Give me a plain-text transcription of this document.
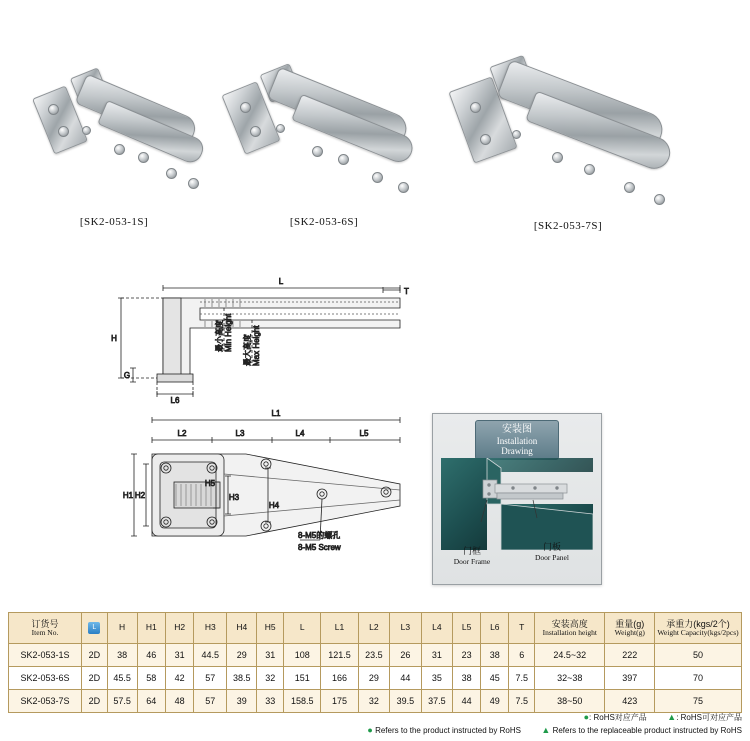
[SK2-053-1S]	[SK2-053-6S]	[SK2-053-7S]
L
H
G
L6
T
最小高度 Min Height 最大高度 Max Height
L1
L2	L3	L4	L5
H1 H2	H3
H4
H5
8-M5的螺孔
8-M5 Screw
安装图
Installation Drawing
门框
Door Frame
门板
Door Panel
订货号
Item No.	L	H	H1	H2	H3	H4	H5	L	L1	L2	L3	L4	L5	L6	T	安装高度
Installation height	重量(g)
Weight(g)	承重力(kgs/2个)
Weight Capacity(kgs/2pcs)

SK2-053-1S	2D	38	46	31	44.5	29	31	108	121.5	23.5	26	31	23	38	6	24.5~32	222	50
SK2-053-6S	2D	45.5	58	42	57	38.5	32	151	166	29	44	35	38	45	7.5	32~38	397	70
SK2-053-7S	2D	57.5	64	48	57	39	33	158.5	175	32	39.5	37.5	44	49	7.5	38~50	423	75
●: RoHS对应产品 ▲: RoHS可对应产品
● Refers to the product instructed by RoHS ▲ Refers to the replaceable product instructed by RoHS
